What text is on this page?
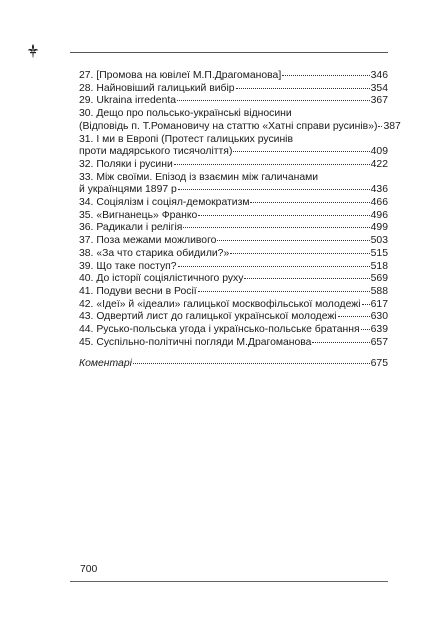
27. [Промова на ювілеї М.П.Драгоманова]	346
28. Найновіший галицький вибір	354
29. Ukraina irredenta	367
30. Дещо про польсько-українські відносини
(Відповідь п. Т.Романовичу на статтю «Хатні справи русинів») 387
31. І ми в Европі (Протест галицьких русинів
проти мадярського тисячоліття)	409
32. Поляки і русини	422
33. Між своїми. Епізод із взаємин між галичанами
й українцями 1897 р	436
34. Соціялізм і соціял-демократизм	466
35. «Вигнанець» Франко	496
36. Радикали і релігія	499
37. Поза межами можливого	503
38. «За что старика обидили?»	515
39. Що таке поступ?	518
40. До історії соціялістичного руху	569
41. Подуви весни в Росії	588
42. «Ідеї» й «ідеали» галицької москвофільської молодежі 617
43. Одвертий лист до галицької української молодежі	630
44. Русько-польська угода і українсько-польське братання 639
45. Суспільно-політичні погляди М.Драгоманова	657
Коментарі	675
700
